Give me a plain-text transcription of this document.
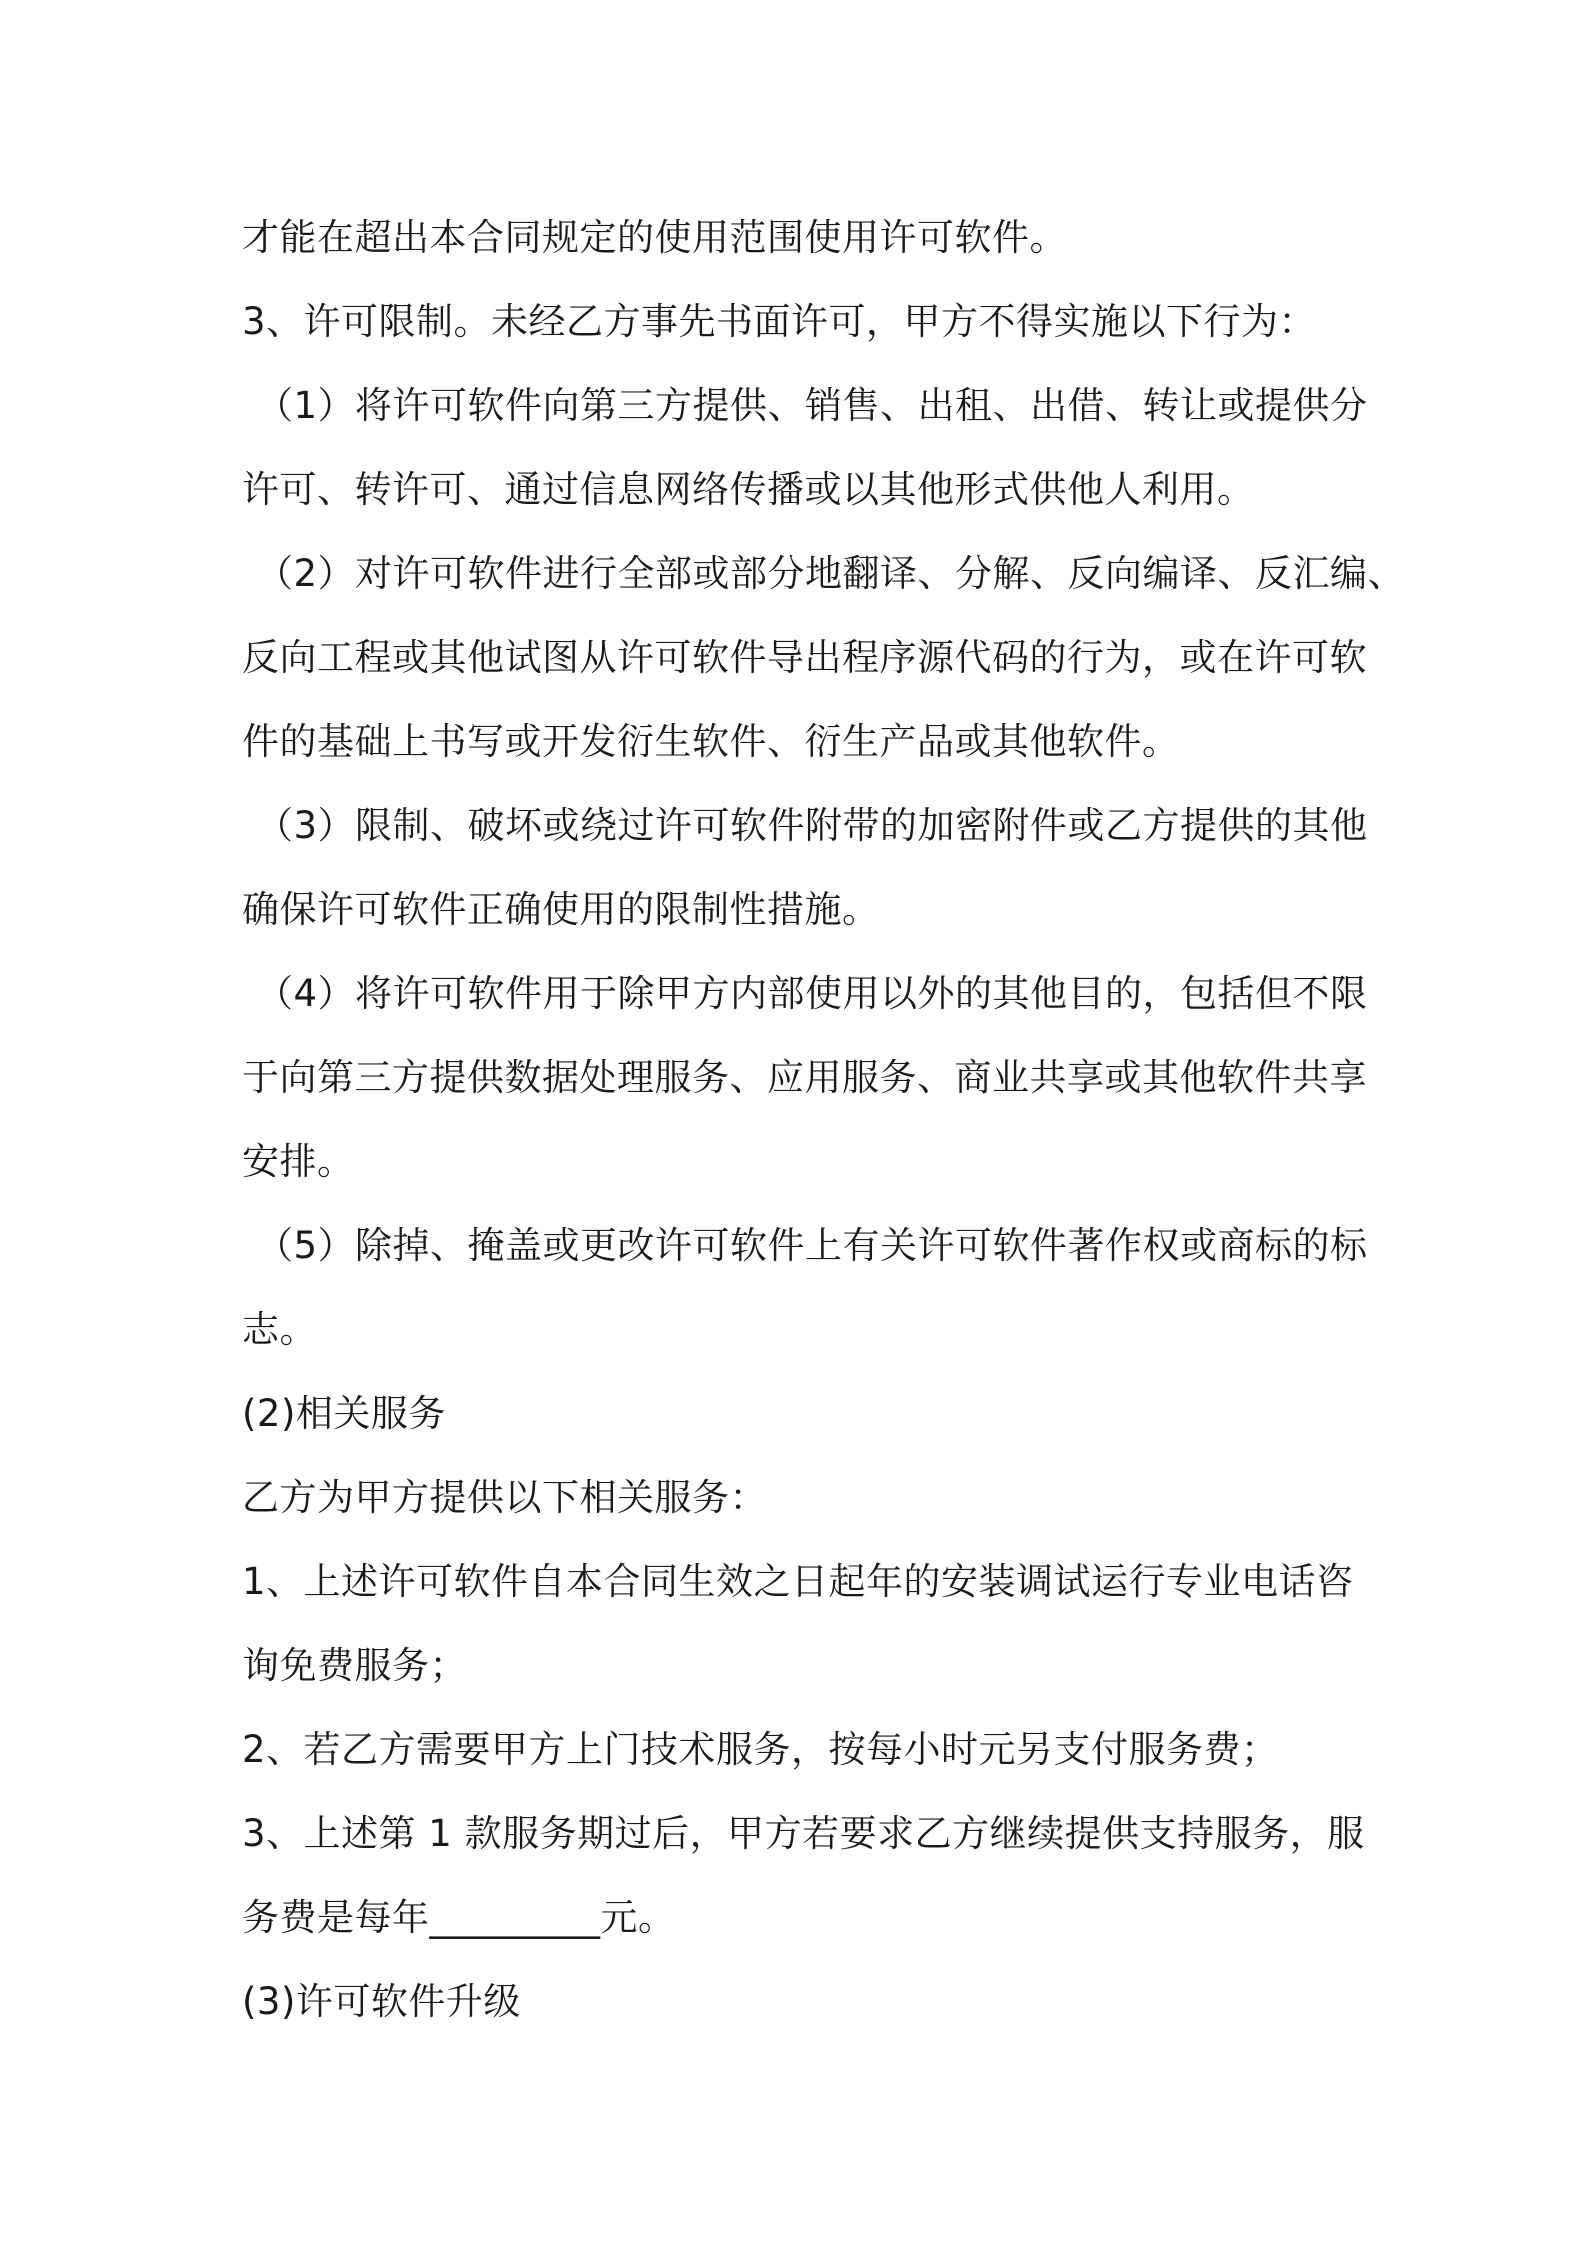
才能在超出本合同规定的使用范围使用许可软件。
3、许可限制。未经乙方事先书面许可，甲方不得实施以下行为：
（1）将许可软件向第三方提供、销售、出租、出借、转让或提供分
许可、转许可、通过信息网络传播或以其他形式供他人利用。
（2）对许可软件进行全部或部分地翻译、分解、反向编译、反汇编、
反向工程或其他试图从许可软件导出程序源代码的行为，或在许可软
件的基础上书写或开发衍生软件、衍生产品或其他软件。
（3）限制、破坏或绕过许可软件附带的加密附件或乙方提供的其他
确保许可软件正确使用的限制性措施。
（4）将许可软件用于除甲方内部使用以外的其他目的，包括但不限
于向第三方提供数据处理服务、应用服务、商业共享或其他软件共享
安排。
（5）除掉、掩盖或更改许可软件上有关许可软件著作权或商标的标
志。
(2)相关服务
乙方为甲方提供以下相关服务：
1、上述许可软件自本合同生效之日起年的安装调试运行专业电话咨
询免费服务；
2、若乙方需要甲方上门技术服务，按每小时元另支付服务费；
3、上述第 1 款服务期过后，甲方若要求乙方继续提供支持服务，服
务费是每年_________元。
(3)许可软件升级
